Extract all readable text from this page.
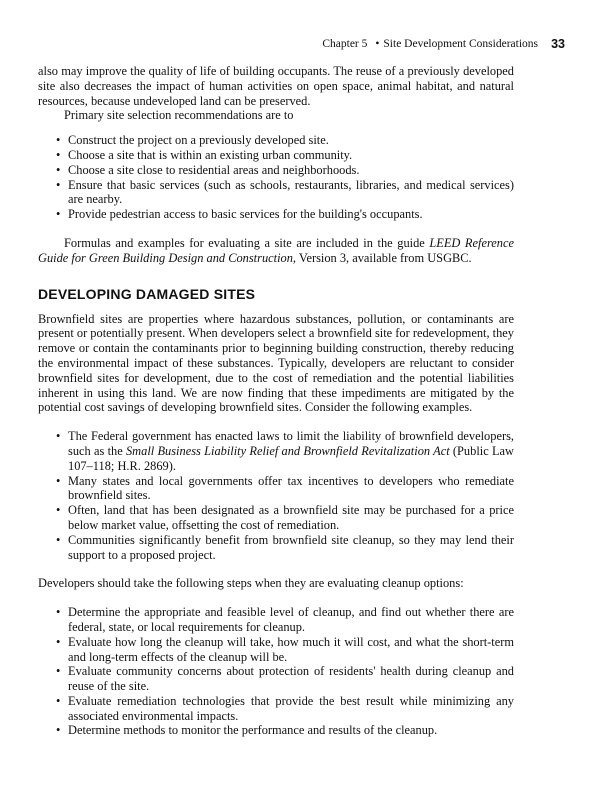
Chapter 5 • Site Development Considerations 33

also may improve the quality of life of building occupants. The reuse of a previously developed site also decreases the impact of human activities on open space, animal habitat, and natural resources, because undeveloped land can be preserved.

Primary site selection recommendations are to

• Construct the project on a previously developed site.
• Choose a site that is within an existing urban community.
• Choose a site close to residential areas and neighborhoods.
• Ensure that basic services (such as schools, restaurants, libraries, and medical services) are nearby.
• Provide pedestrian access to basic services for the building's occupants.

Formulas and examples for evaluating a site are included in the guide LEED Reference Guide for Green Building Design and Construction, Version 3, available from USGBC.

DEVELOPING DAMAGED SITES

Brownfield sites are properties where hazardous substances, pollution, or contaminants are present or potentially present. When developers select a brownfield site for redevelopment, they remove or contain the contaminants prior to beginning building construction, thereby reducing the environmental impact of these substances. Typically, developers are reluctant to consider brownfield sites for development, due to the cost of remediation and the potential liabilities inherent in using this land. We are now finding that these impediments are mitigated by the potential cost savings of developing brownfield sites. Consider the following examples.

• The Federal government has enacted laws to limit the liability of brownfield developers, such as the Small Business Liability Relief and Brownfield Revitalization Act (Public Law 107–118; H.R. 2869).
• Many states and local governments offer tax incentives to developers who remediate brownfield sites.
• Often, land that has been designated as a brownfield site may be purchased for a price below market value, offsetting the cost of remediation.
• Communities significantly benefit from brownfield site cleanup, so they may lend their support to a proposed project.

Developers should take the following steps when they are evaluating cleanup options:

• Determine the appropriate and feasible level of cleanup, and find out whether there are federal, state, or local requirements for cleanup.
• Evaluate how long the cleanup will take, how much it will cost, and what the short-term and long-term effects of the cleanup will be.
• Evaluate community concerns about protection of residents' health during cleanup and reuse of the site.
• Evaluate remediation technologies that provide the best result while minimizing any associated environmental impacts.
• Determine methods to monitor the performance and results of the cleanup.
